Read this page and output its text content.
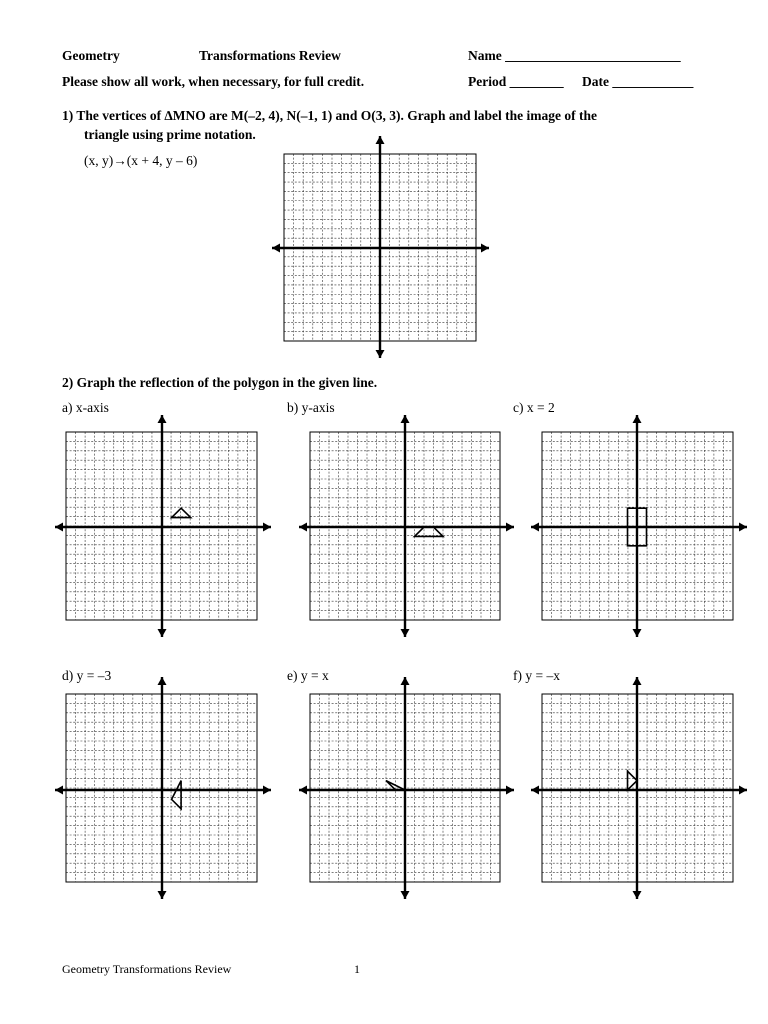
Geometry	Transformations Review	Name __________________________
Please show all work, when necessary, for full credit.	Period ________ Date ____________
1) The vertices of ∆MNO are M(–2, 4), N(–1, 1) and O(3, 3). Graph and label the image of the
triangle using prime notation.
(x, y)→(x + 4, y – 6)
2) Graph the reflection of the polygon in the given line.
a) x-axis	b) y-axis	c) x = 2
d) y = –3	e) y = x	f) y = –x
Geometry Transformations Review	1
